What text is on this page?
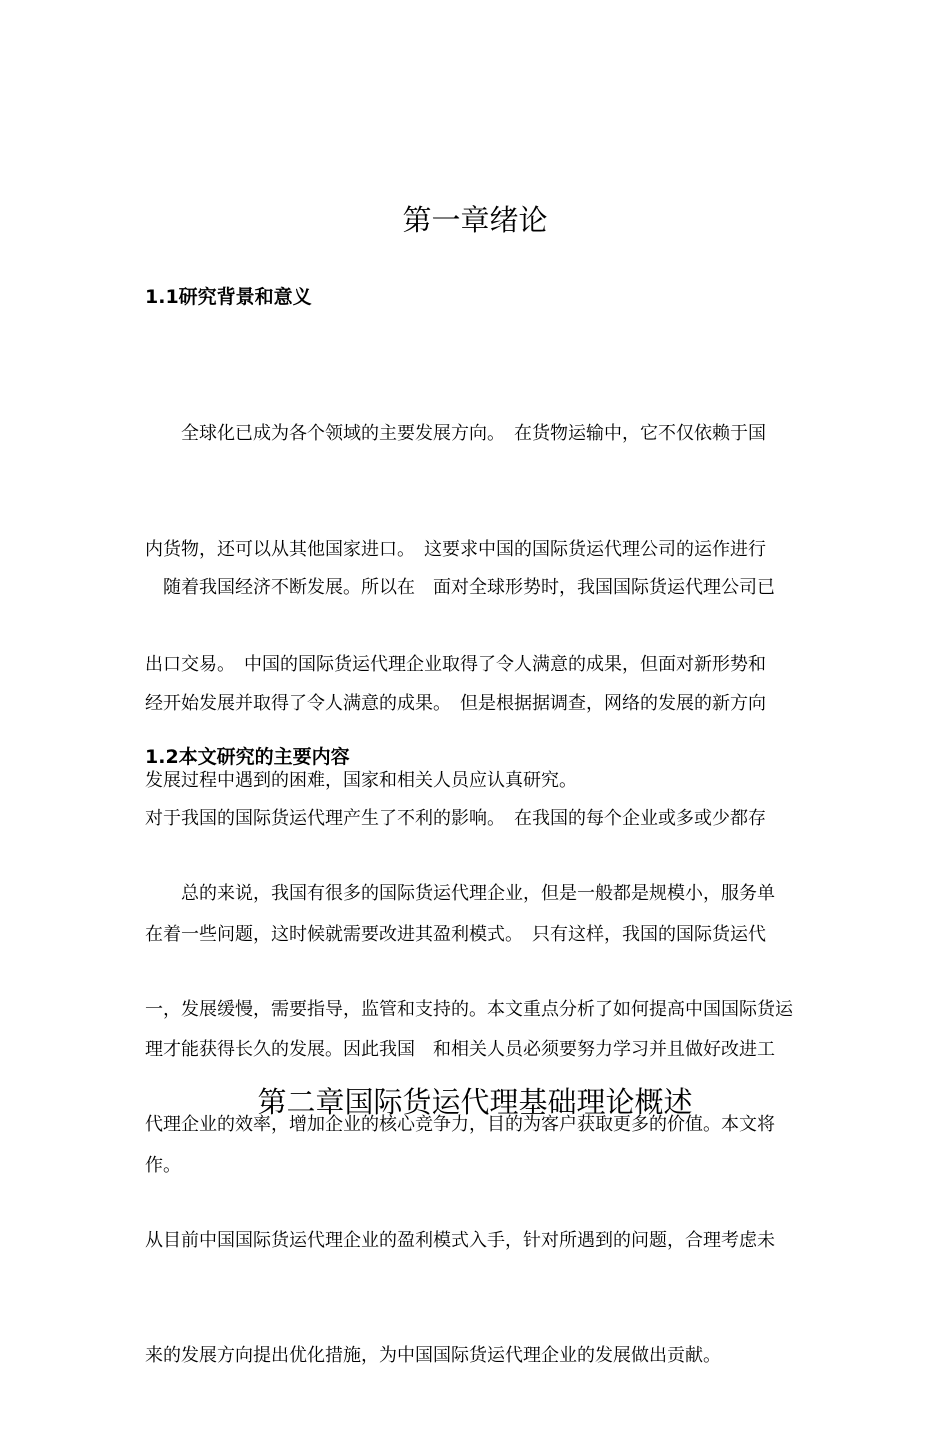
第一章绪论
1.1研究背景和意义

　　全球化已成为各个领域的主要发展方向。　在货物运输中，它不仅依赖于国

内货物，还可以从其他国家进口。　这要求中国的国际货运代理公司的运作进行

出口交易。　中国的国际货运代理企业取得了令人满意的成果，但面对新形势和

发展过程中遇到的困难，国家和相关人员应认真研究。

　随着我国经济不断发展。所以在　面对全球形势时，我国国际货运代理公司已

经开始发展并取得了令人满意的成果。　但是根据据调查，网络的发展的新方向

对于我国的国际货运代理产生了不利的影响。　在我国的每个企业或多或少都存

在着一些问题，这时候就需要改进其盈利模式。　只有这样，我国的国际货运代

理才能获得长久的发展。因此我国　和相关人员必须要努力学习并且做好改进工

作。

1.2本文研究的主要内容

　　总的来说，我国有很多的国际货运代理企业，但是一般都是规模小，服务单

一，发展缓慢，需要指导，监管和支持的。本文重点分析了如何提高中国国际货运

代理企业的效率，增加企业的核心竞争力，目的为客户获取更多的价值。本文将

从目前中国国际货运代理企业的盈利模式入手，针对所遇到的问题，合理考虑未

来的发展方向提出优化措施，为中国国际货运代理企业的发展做出贡献。

第二章国际货运代理基础理论概述
